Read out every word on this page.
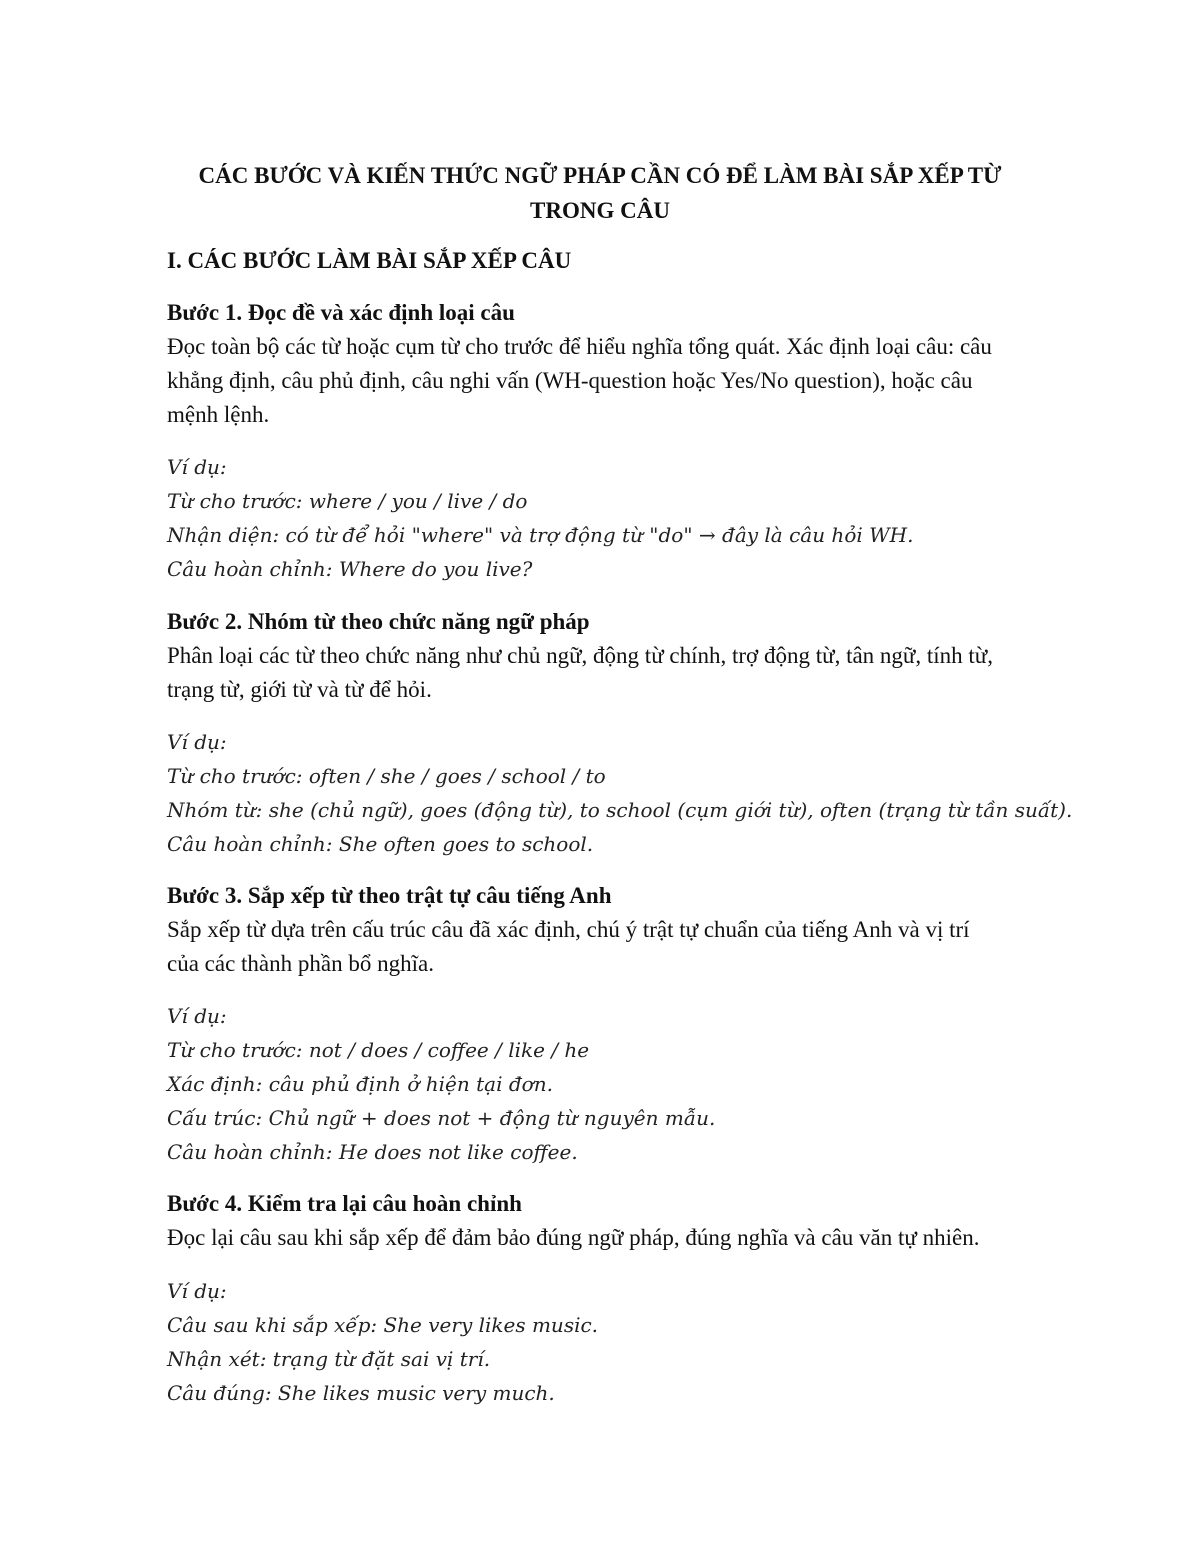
CÁC BƯỚC VÀ KIẾN THỨC NGỮ PHÁP CẦN CÓ ĐỂ LÀM BÀI SẮP XẾP TỪ
TRONG CÂU
I. CÁC BƯỚC LÀM BÀI SẮP XẾP CÂU

Bước 1. Đọc đề và xác định loại câu

Đọc toàn bộ các từ hoặc cụm từ cho trước để hiểu nghĩa tổng quát. Xác định loại câu: câu

khẳng định, câu phủ định, câu nghi vấn (WH-question hoặc Yes/No question), hoặc câu

mệnh lệnh.

Ví dụ:

Từ cho trước: where / you / live / do

Nhận diện: có từ để hỏi "where" và trợ động từ "do" → đây là câu hỏi WH.

Câu hoàn chỉnh: Where do you live?

Bước 2. Nhóm từ theo chức năng ngữ pháp

Phân loại các từ theo chức năng như chủ ngữ, động từ chính, trợ động từ, tân ngữ, tính từ,

trạng từ, giới từ và từ để hỏi.

Ví dụ:

Từ cho trước: often / she / goes / school / to

Nhóm từ: she (chủ ngữ), goes (động từ), to school (cụm giới từ), often (trạng từ tần suất).

Câu hoàn chỉnh: She often goes to school.

Bước 3. Sắp xếp từ theo trật tự câu tiếng Anh

Sắp xếp từ dựa trên cấu trúc câu đã xác định, chú ý trật tự chuẩn của tiếng Anh và vị trí

của các thành phần bổ nghĩa.

Ví dụ:

Từ cho trước: not / does / coffee / like / he

Xác định: câu phủ định ở hiện tại đơn.

Cấu trúc: Chủ ngữ + does not + động từ nguyên mẫu.

Câu hoàn chỉnh: He does not like coffee.

Bước 4. Kiểm tra lại câu hoàn chỉnh

Đọc lại câu sau khi sắp xếp để đảm bảo đúng ngữ pháp, đúng nghĩa và câu văn tự nhiên.

Ví dụ:

Câu sau khi sắp xếp: She very likes music.

Nhận xét: trạng từ đặt sai vị trí.

Câu đúng: She likes music very much.
